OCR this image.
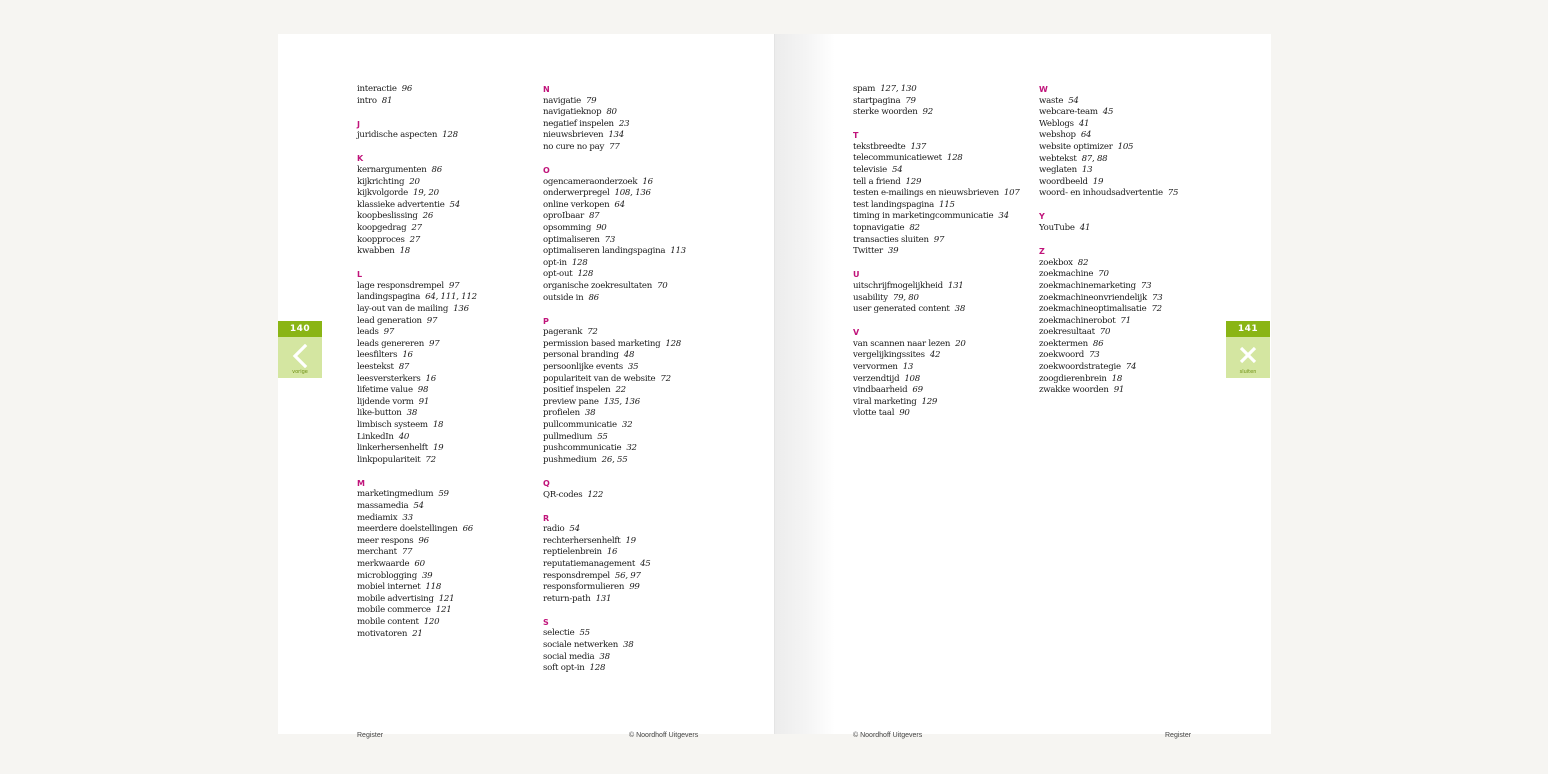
interactie 96
intro 81
J
juridische aspecten 128
K
kernargumenten 86
kijkrichting 20
kijkvolgorde 19, 20
klassieke advertentie 54
koopbeslissing 26
koopgedrag 27
koopproces 27
kwabben 18
L
lage responsdrempel 97
landingspagina 64, 111, 112
lay-out van de mailing 136
lead generation 97
leads 97
leads genereren 97
leesfilters 16
leestekst 87
leesversterkers 16
lifetime value 98
lijdende vorm 91
like-button 38
limbisch systeem 18
LinkedIn 40
linkerhersenhelft 19
linkpopulariteit 72
M
marketingmedium 59
massamedia 54
mediamix 33
meerdere doelstellingen 66
meer respons 96
merchant 77
merkwaarde 60
microblogging 39
mobiel internet 118
mobile advertising 121
mobile commerce 121
mobile content 120
motivatoren 21
N
navigatie 79
navigatieknop 80
negatief inspelen 23
nieuwsbrieven 134
no cure no pay 77
O
ogencameraonderzoek 16
onderwerpregel 108, 136
online verkopen 64
oproIbaar 87
opsomming 90
optimaliseren 73
optimaliseren landingspagina 113
opt-in 128
opt-out 128
organische zoekresultaten 70
outside in 86
P
pagerank 72
permission based marketing 128
personal branding 48
persoonlijke events 35
populariteit van de website 72
positief inspelen 22
preview pane 135, 136
profielen 38
pullcommunicatie 32
pullmedium 55
pushcommunicatie 32
pushmedium 26, 55
Q
QR-codes 122
R
radio 54
rechterhersenhelft 19
reptielenbrein 16
reputatiemanagement 45
responsdrempel 56, 97
responsformulieren 99
return-path 131
S
selectie 55
sociale netwerken 38
social media 38
soft opt-in 128
Register	© Noordhoff Uitgevers
spam 127, 130
startpagina 79
sterke woorden 92
T
tekstbreedte 137
telecommunicatiewet 128
televisie 54
tell a friend 129
testen e-mailings en nieuwsbrieven 107
test landingspagina 115
timing in marketingcommunicatie 34
topnavigatie 82
transacties sluiten 97
Twitter 39
U
uitschrijfmogelijkheid 131
usability 79, 80
user generated content 38
V
van scannen naar lezen 20
vergelijkingssites 42
vervormen 13
verzendtijd 108
vindbaarheid 69
viral marketing 129
vlotte taal 90
W
waste 54
webcare-team 45
Weblogs 41
webshop 64
website optimizer 105
webtekst 87, 88
weglaten 13
woordbeeld 19
woord- en inhoudsadvertentie 75
Y
YouTube 41
Z
zoekbox 82
zoekmachine 70
zoekmachinemarketing 73
zoekmachineonvriendelijk 73
zoekmachineoptimalisatie 72
zoekmachinerobot 71
zoekresultaat 70
zoektermen 86
zoekwoord 73
zoekwoordstrategie 74
zoogdierenbrein 18
zwakke woorden 91
© Noordhoff Uitgevers	Register
140
vorige
141
sluiten
